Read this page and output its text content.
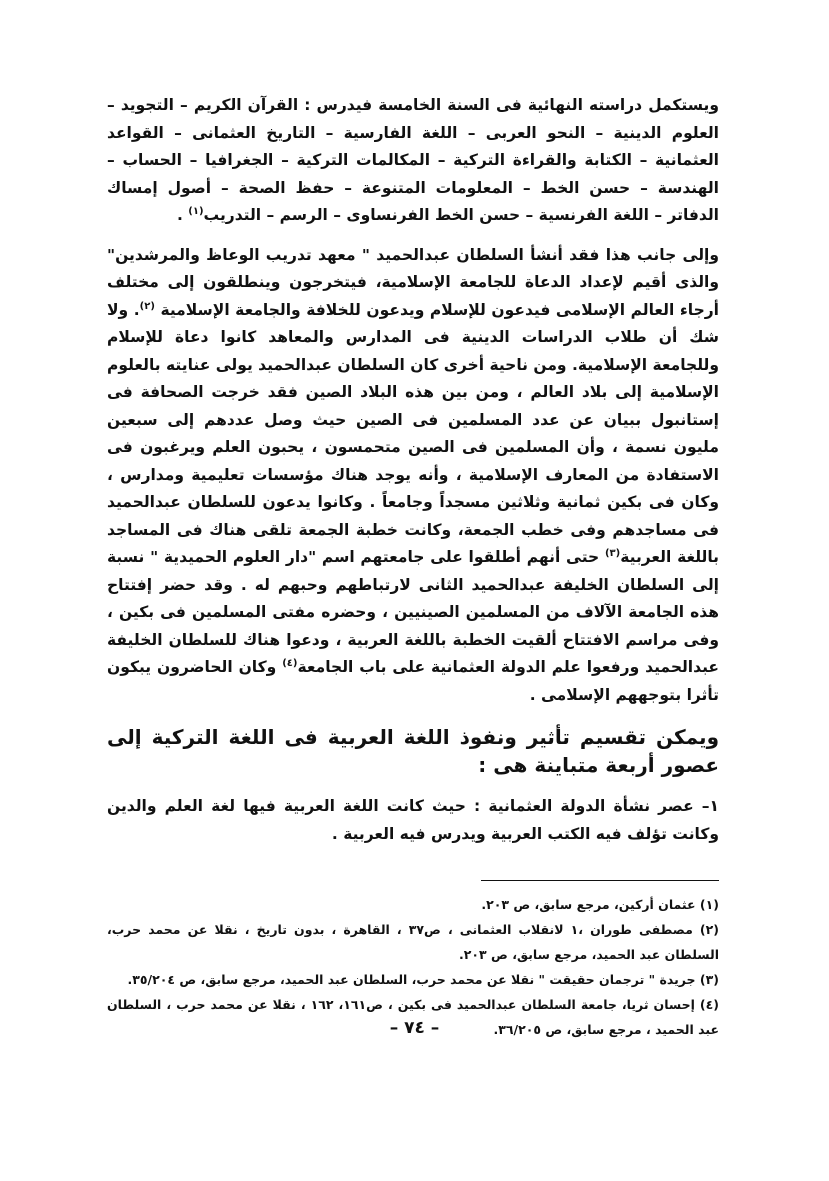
ويستكمل دراسته النهائية فى السنة الخامسة فيدرس : القرآن الكريم – التجويد – العلوم الدينية – النحو العربى – اللغة الفارسية – التاريخ العثمانى – القواعد العثمانية – الكتابة والقراءة التركية – المكالمات التركية – الجغرافيا – الحساب – الهندسة – حسن الخط – المعلومات المتنوعة – حفظ الصحة – أصول إمساك الدفاتر – اللغة الفرنسية – حسن الخط الفرنساوى – الرسم – التدريب$^{(١)}$ .

وإلى جانب هذا فقد أنشأ السلطان عبدالحميد " معهد تدريب الوعاظ والمرشدين" والذى أقيم لإعداد الدعاة للجامعة الإسلامية، فيتخرجون وينطلقون إلى مختلف أرجاء العالم الإسلامى فيدعون للإسلام ويدعون للخلافة والجامعة الإسلامية $^{(٢)}$. ولا شك أن طلاب الدراسات الدينية فى المدارس والمعاهد كانوا دعاة للإسلام وللجامعة الإسلامية. ومن ناحية أخرى كان السلطان عبدالحميد يولى عنايته بالعلوم الإسلامية إلى بلاد العالم ، ومن بين هذه البلاد الصين فقد خرجت الصحافة فى إستانبول ببيان عن عدد المسلمين فى الصين حيث وصل عددهم إلى سبعين مليون نسمة ، وأن المسلمين فى الصين متحمسون ، يحبون العلم ويرغبون فى الاستفادة من المعارف الإسلامية ، وأنه يوجد هناك مؤسسات تعليمية ومدارس ، وكان فى بكين ثمانية وثلاثين مسجداً وجامعاً . وكانوا يدعون للسلطان عبدالحميد فى مساجدهم وفى خطب الجمعة، وكانت خطبة الجمعة تلقى هناك فى المساجد باللغة العربية$^{(٣)}$ حتى أنهم أطلقوا على جامعتهم اسم "دار العلوم الحميدية " نسبة إلى السلطان الخليفة عبدالحميد الثانى لارتباطهم وحبهم له . وقد حضر إفتتاح هذه الجامعة الآلاف من المسلمين الصينيين ، وحضره مفتى المسلمين فى بكين ، وفى مراسم الافتتاح ألقيت الخطبة باللغة العربية ، ودعوا هناك للسلطان الخليفة عبدالحميد ورفعوا علم الدولة العثمانية على باب الجامعة$^{(٤)}$ وكان الحاضرون يبكون تأثرا بتوجههم الإسلامى .

ويمكن تقسيم تأثير ونفوذ اللغة العربية فى اللغة التركية إلى عصور أربعة متباينة هى :

١– عصر نشأة الدولة العثمانية : حيث كانت اللغة العربية فيها لغة العلم والدين وكانت تؤلف فيه الكتب العربية ويدرس فيه العربية .

(١) عثمان أركين، مرجع سابق، ص ٢٠٣.

(٢) مصطفى طوران ،١ لانقلاب العثمانى ، ص٣٧ ، القاهرة ، بدون تاريخ ، نقلا عن محمد حرب، السلطان عبد الحميد، مرجع سابق، ص ٢٠٣.

(٣) جريدة " ترجمان حقيقت " نقلا عن محمد حرب، السلطان عبد الحميد، مرجع سابق، ص ٣٥/٢٠٤.

(٤) إحسان ثريا، جامعة السلطان عبدالحميد فى بكين ، ص١٦١، ١٦٢ ، نقلا عن محمد حرب ، السلطان عبد الحميد ، مرجع سابق، ص ٣٦/٢٠٥.

– ٧٤ –
